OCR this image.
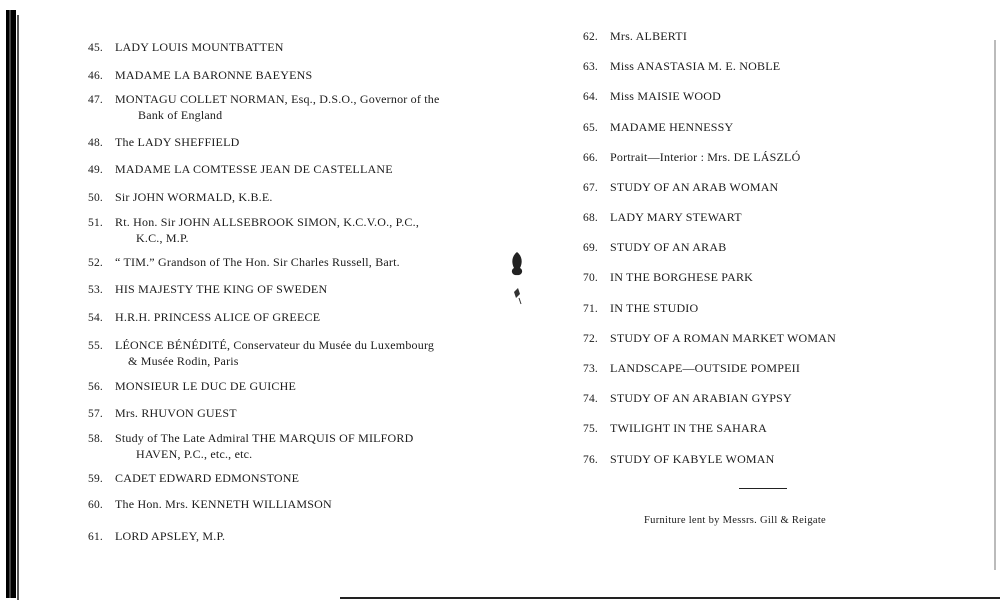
45. LADY LOUIS MOUNTBATTEN
46. MADAME LA BARONNE BAEYENS
47. MONTAGU COLLET NORMAN, Esq., D.S.O., Governor of the
Bank of England
48. The LADY SHEFFIELD
49. MADAME LA COMTESSE JEAN DE CASTELLANE
50. Sir JOHN WORMALD, K.B.E.
51. Rt. Hon. Sir JOHN ALLSEBROOK SIMON, K.C.V.O., P.C.,
K.C., M.P.
52. “ TIM.” Grandson of The Hon. Sir Charles Russell, Bart.
53. HIS MAJESTY THE KING OF SWEDEN
54. H.R.H. PRINCESS ALICE OF GREECE
55. LÉONCE BÉNÉDITÉ, Conservateur du Musée du Luxembourg
& Musée Rodin, Paris
56. MONSIEUR LE DUC DE GUICHE
57. Mrs. RHUVON GUEST
58. Study of The Late Admiral THE MARQUIS OF MILFORD
HAVEN, P.C., etc., etc.
59. CADET EDWARD EDMONSTONE
60. The Hon. Mrs. KENNETH WILLIAMSON
61. LORD APSLEY, M.P.
62. Mrs. ALBERTI
63. Miss ANASTASIA M. E. NOBLE
64. Miss MAISIE WOOD
65. MADAME HENNESSY
66. Portrait—Interior : Mrs. DE LÁSZLÓ
67. STUDY OF AN ARAB WOMAN
68. LADY MARY STEWART
69. STUDY OF AN ARAB
70. IN THE BORGHESE PARK
71. IN THE STUDIO
72. STUDY OF A ROMAN MARKET WOMAN
73. LANDSCAPE—OUTSIDE POMPEII
74. STUDY OF AN ARABIAN GYPSY
75. TWILIGHT IN THE SAHARA
76. STUDY OF KABYLE WOMAN
Furniture lent by Messrs. Gill & Reigate
